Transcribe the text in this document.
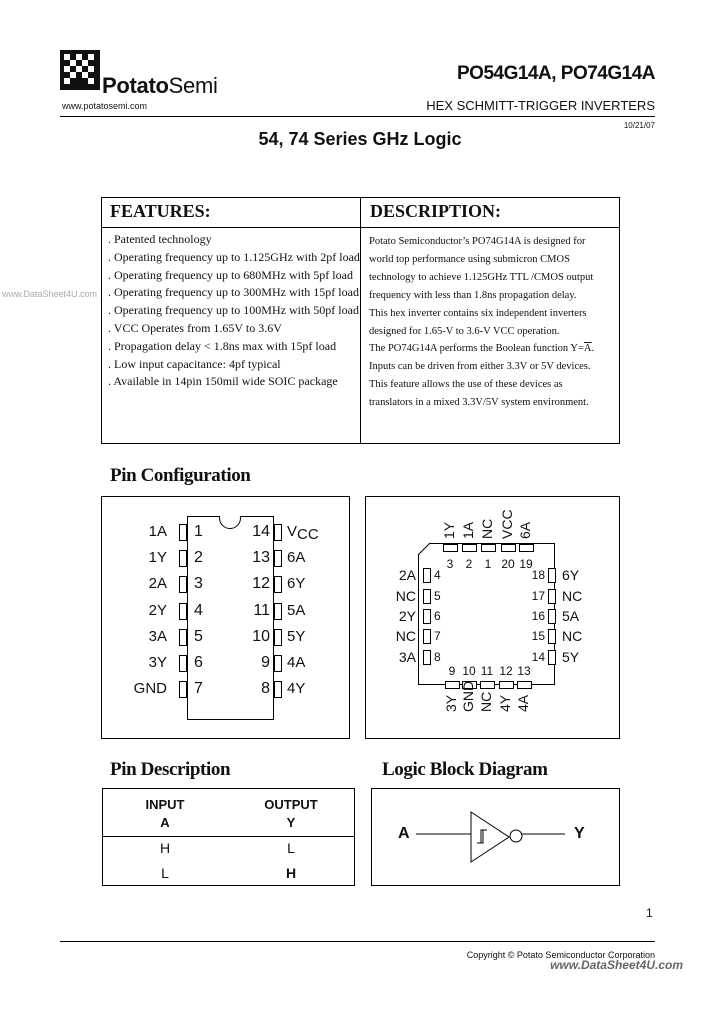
PotatoSemi
www.potatosemi.com
PO54G14A, PO74G14A
HEX SCHMITT-TRIGGER INVERTERS
10/21/07
54, 74 Series GHz Logic
www.DataSheet4U.com
FEATURES:	DESCRIPTION:
. Patented technology
. Operating frequency up to 1.125GHz with 2pf load
. Operating frequency up to 680MHz with 5pf load
. Operating frequency up to 300MHz with 15pf load
. Operating frequency up to 100MHz with 50pf load
. VCC Operates from 1.65V to 3.6V
. Propagation delay < 1.8ns max with 15pf load
. Low input capacitance: 4pf typical
. Available in 14pin 150mil wide SOIC package
Potato Semiconductor’s PO74G14A is designed for
world top performance using submicron CMOS
technology to achieve 1.125GHz TTL /CMOS output
frequency with less than 1.8ns propagation delay.
This hex inverter contains six independent inverters
designed for 1.65-V to 3.6-V VCC operation.
The PO74G14A performs the Boolean function $Y=\overline{A}$.
Inputs can be driven from either 3.3V or 5V devices.
This feature allows the use of these devices as
translators in a mixed 3.3V/5V system environment.
Pin Configuration
1A 1
1Y 2
2A 3
2Y 4
3A 5
3Y 6
GND 7
14 VCC
13 6A
12 6Y
11 5A
10 5Y
9 4A
8 4Y
3
1Y
2
1A
1
NC
20
VCC
19
6A
9
3Y
10
GND
11
NC
12
4Y
13
4A
2A 4
NC 5
2Y 6
NC 7
3A 8
18 6Y
17 NC
16 5A
15 NC
14 5Y
Pin Description
INPUT
A
OUTPUT
Y
H	L
L	H
Logic Block Diagram
A	Y
1
Copyright © Potato Semiconductor Corporation
www.DataSheet4U.com
